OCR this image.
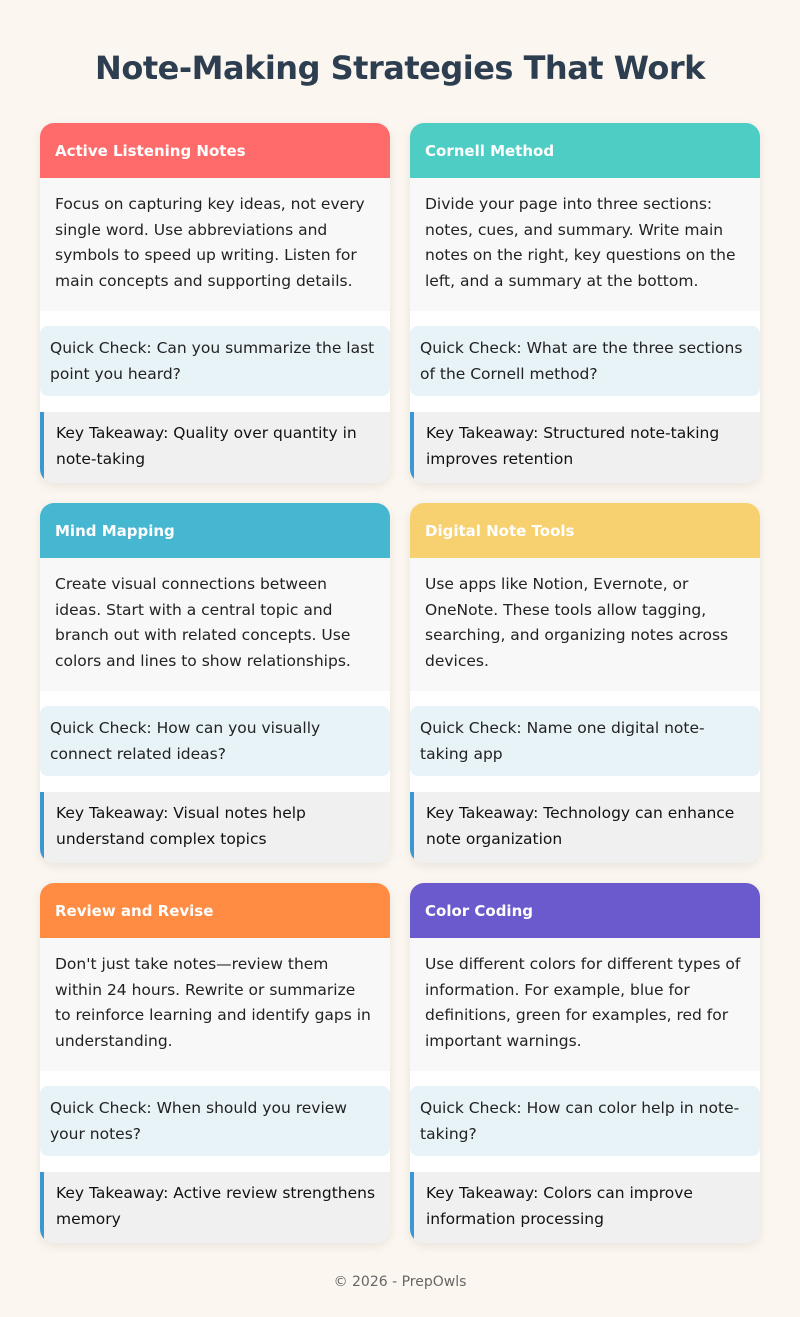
Note-Making Strategies That Work
Active Listening Notes
Focus on capturing key ideas, not every single word. Use abbreviations and symbols to speed up writing. Listen for main concepts and supporting details.
Quick Check: Can you summarize the last point you heard?
Key Takeaway: Quality over quantity in note-taking
Cornell Method
Divide your page into three sections: notes, cues, and summary. Write main notes on the right, key questions on the left, and a summary at the bottom.
Quick Check: What are the three sections of the Cornell method?
Key Takeaway: Structured note-taking improves retention
Mind Mapping
Create visual connections between ideas. Start with a central topic and branch out with related concepts. Use colors and lines to show relationships.
Quick Check: How can you visually connect related ideas?
Key Takeaway: Visual notes help understand complex topics
Digital Note Tools
Use apps like Notion, Evernote, or OneNote. These tools allow tagging, searching, and organizing notes across devices.
Quick Check: Name one digital note-taking app
Key Takeaway: Technology can enhance note organization
Review and Revise
Don't just take notes—review them within 24 hours. Rewrite or summarize to reinforce learning and identify gaps in understanding.
Quick Check: When should you review your notes?
Key Takeaway: Active review strengthens memory
Color Coding
Use different colors for different types of information. For example, blue for definitions, green for examples, red for important warnings.
Quick Check: How can color help in note-taking?
Key Takeaway: Colors can improve information processing
© 2026 - PrepOwls
